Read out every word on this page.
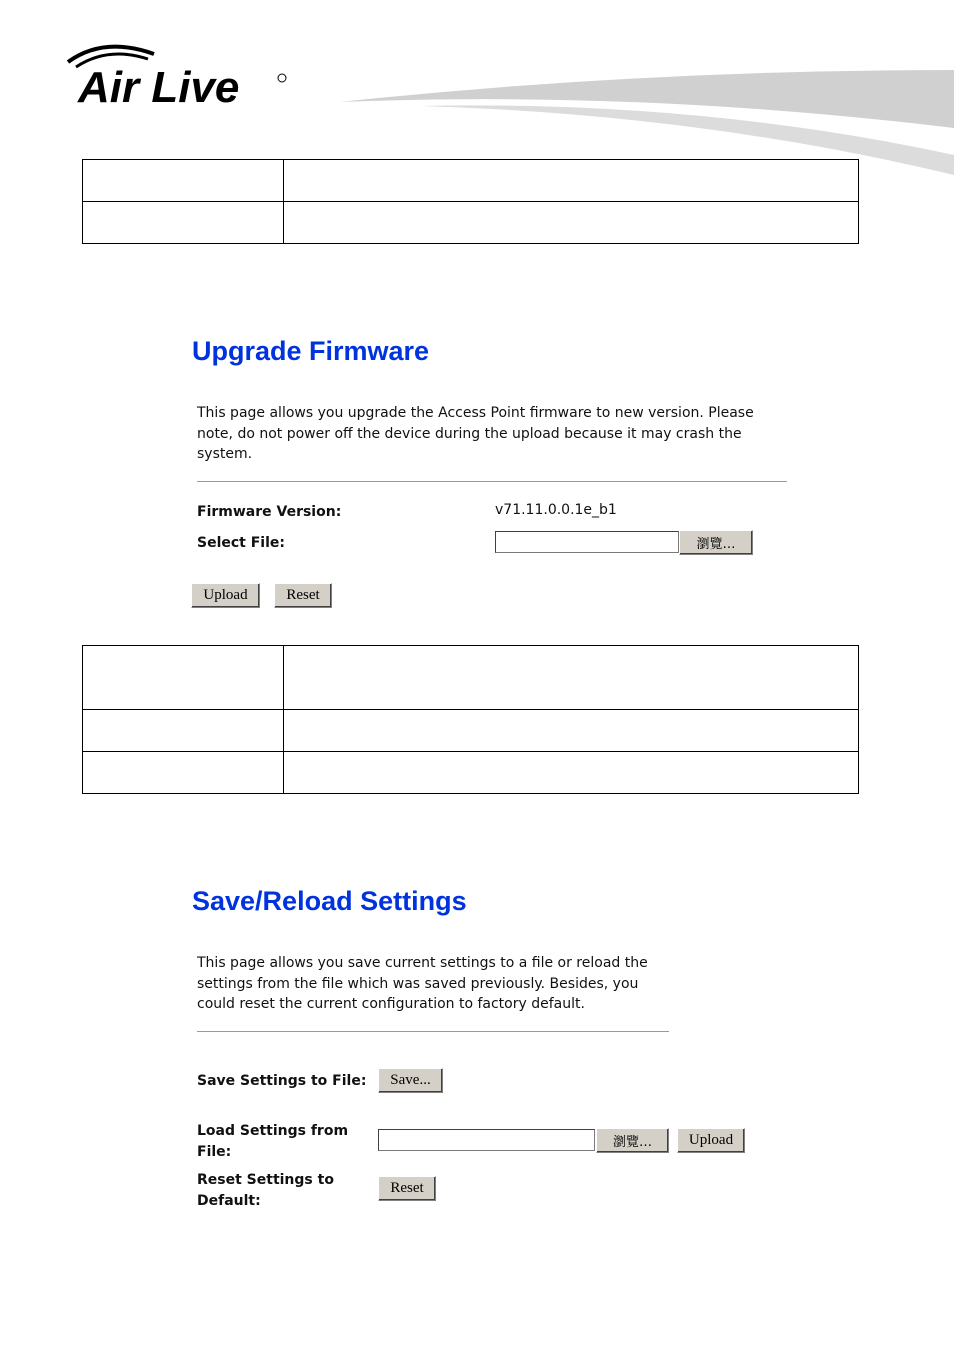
Air Live

Upgrade Firmware

This page allows you upgrade the Access Point firmware to new version. Please note, do not power off the device during the upload because it may crash the system.

Firmware Version:	v71.11.0.0.1e_b1
Select File:	瀏覽…
Upload	Reset

Save/Reload Settings

This page allows you save current settings to a file or reload the settings from the file which was saved previously. Besides, you could reset the current configuration to factory default.

Save Settings to File:	Save...
Load Settings from File:
瀏覽…	Upload
Reset Settings to Default:
Reset
